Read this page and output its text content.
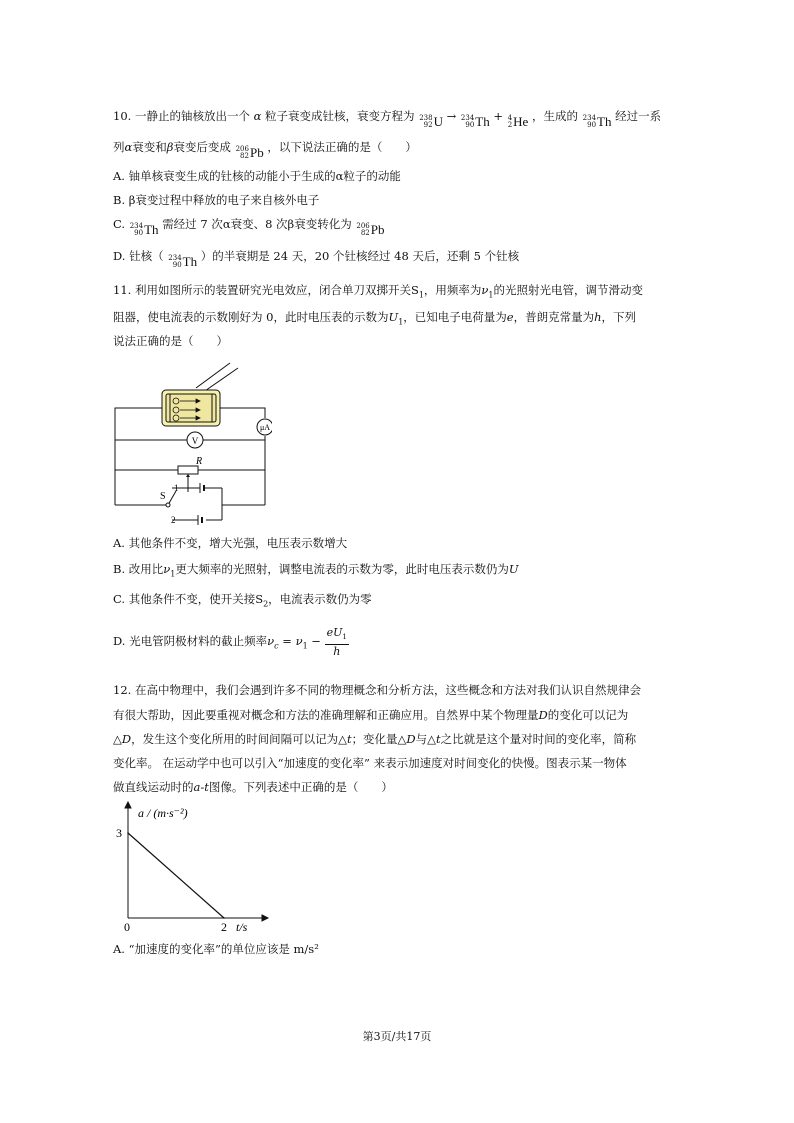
10. 一静止的铀核放出一个 α 粒子衰变成钍核，衰变方程为 238
92 U → 234
90 Th + 4
2 He ，生成的 234
90 Th 经过一系
列α衰变和β衰变后变成 206
82 Pb ，以下说法正确的是（　　）
A. 铀单核衰变生成的钍核的动能小于生成的α粒子的动能
B. β衰变过程中释放的电子来自核外电子
C. 234
90 Th 需经过 7 次α衰变、8 次β衰变转化为 206
82 Pb
D. 钍核（ 234
90 Th ）的半衰期是 24 天，20 个钍核经过 48 天后，还剩 5 个钍核
11. 利用如图所示的装置研究光电效应，闭合单刀双掷开关$S_1$，用频率为$\nu_1$的光照射光电管，调节滑动变
阻器，使电流表的示数刚好为 0，此时电压表的示数为$U_1$，已知电子电荷量为e，普朗克常量为h，下列
说法正确的是（　　）
μA
V
R
1
S
2
A. 其他条件不变，增大光强，电压表示数增大
B. 改用比$\nu_1$更大频率的光照射，调整电流表的示数为零，此时电压表示数仍为U
C. 其他条件不变，使开关接$S_2$，电流表示数仍为零
D. 光电管阴极材料的截止频率$\nu_c = \nu_1 - \frac{eU_1}{h}$
12. 在高中物理中，我们会遇到许多不同的物理概念和分析方法，这些概念和方法对我们认识自然规律会
有很大帮助，因此要重视对概念和方法的准确理解和正确应用。自然界中某个物理量D的变化可以记为
△D，发生这个变化所用的时间间隔可以记为△t；变化量△D与△t之比就是这个量对时间的变化率，简称
变化率。 在运动学中也可以引入“加速度的变化率” 来表示加速度对时间变化的快慢。图表示某一物体
做直线运动时的a-t图像。下列表述中正确的是（　　）
a / (m·s⁻²)
t/s
0	2
3
A. “加速度的变化率”的单位应该是 m/s²
第3页/共17页
